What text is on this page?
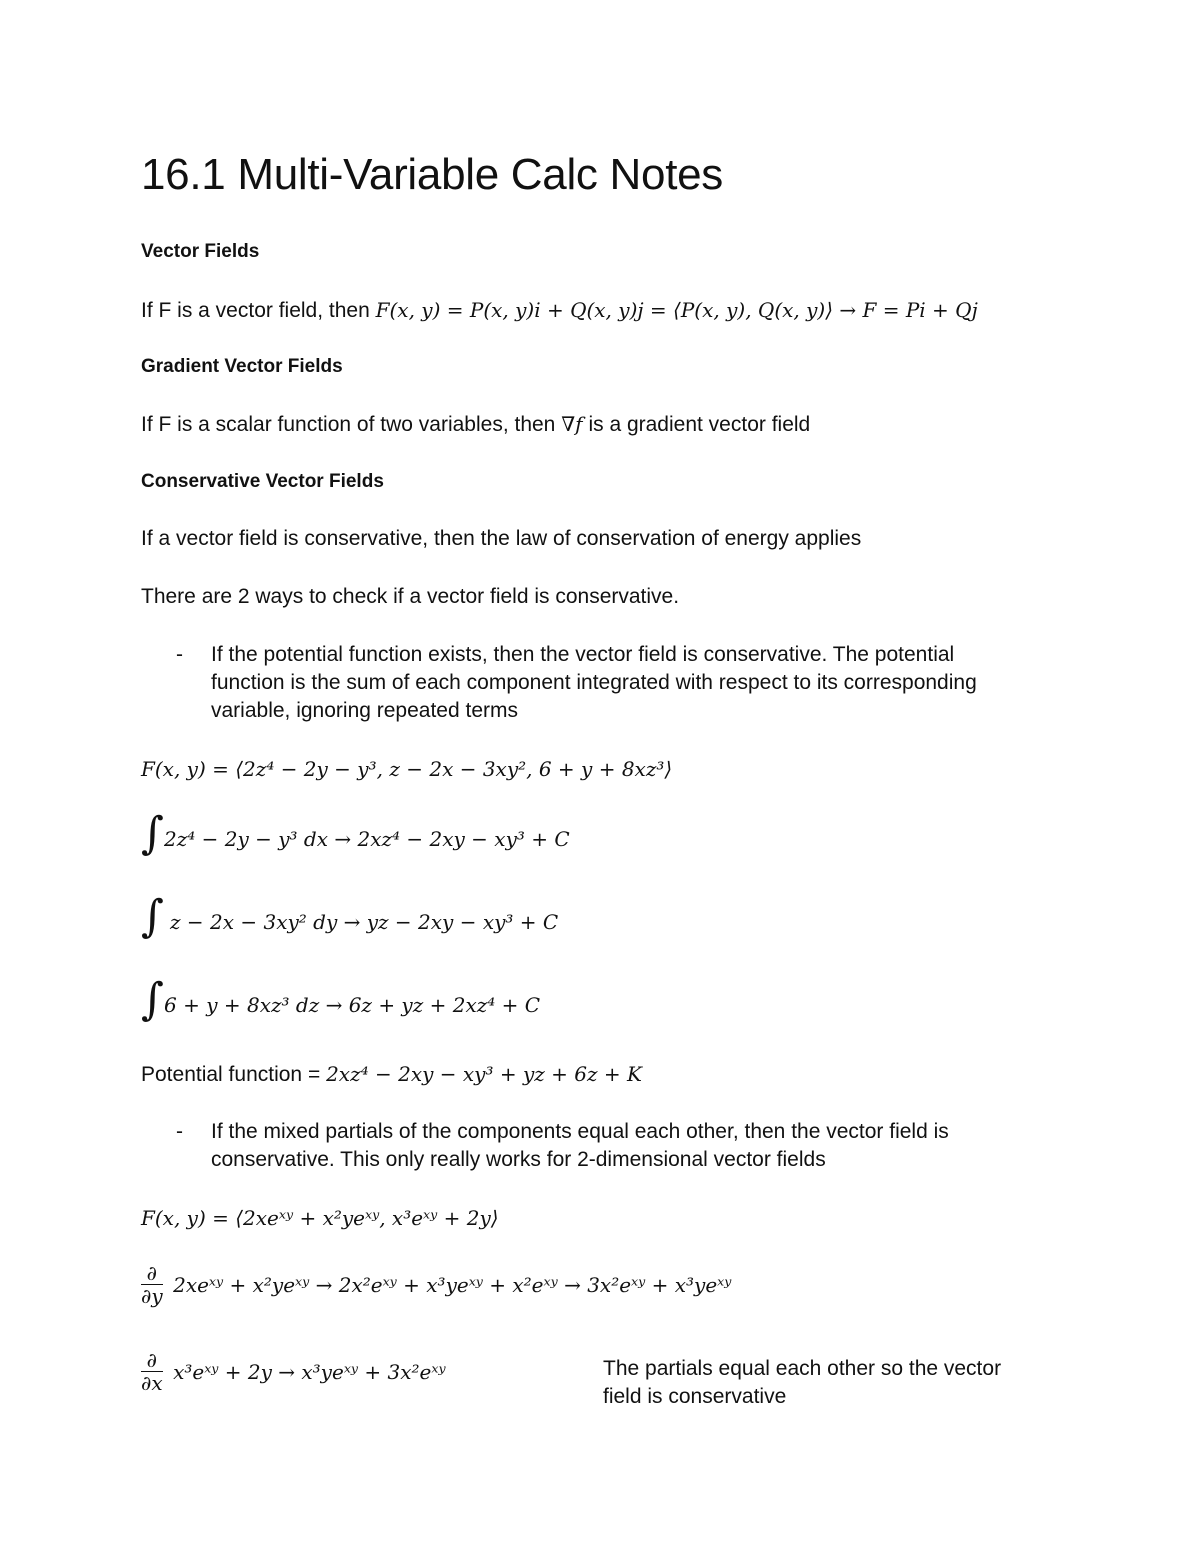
16.1 Multi-Variable Calc Notes
Vector Fields
If F is a vector field, then F(x, y) = P(x, y)i + Q(x, y)j = ⟨P(x, y), Q(x, y)⟩ → F = Pi + Qj
Gradient Vector Fields
If F is a scalar function of two variables, then ∇f is a gradient vector field
Conservative Vector Fields
If a vector field is conservative, then the law of conservation of energy applies
There are 2 ways to check if a vector field is conservative.
- If the potential function exists, then the vector field is conservative. The potential
function is the sum of each component integrated with respect to its corresponding
variable, ignoring repeated terms
F(x, y) = ⟨2z⁴ − 2y − y³, z − 2x − 3xy², 6 + y + 8xz³⟩
∫ 2z⁴ − 2y − y³ dx → 2xz⁴ − 2xy − xy³ + C
∫ z − 2x − 3xy² dy → yz − 2xy − xy³ + C
∫ 6 + y + 8xz³ dz → 6z + yz + 2xz⁴ + C
Potential function = 2xz⁴ − 2xy − xy³ + yz + 6z + K
- If the mixed partials of the components equal each other, then the vector field is
conservative. This only really works for 2-dimensional vector fields
F(x, y) = ⟨2xeˣʸ + x²yeˣʸ, x³eˣʸ + 2y⟩
$\frac{\partial}{\partial y}$ 2xeˣʸ + x²yeˣʸ → 2x²eˣʸ + x³yeˣʸ + x²eˣʸ → 3x²eˣʸ + x³yeˣʸ
$\frac{\partial}{\partial x}$ x³eˣʸ + 2y → x³yeˣʸ + 3x²eˣʸ	The partials equal each other so the vector
field is conservative
